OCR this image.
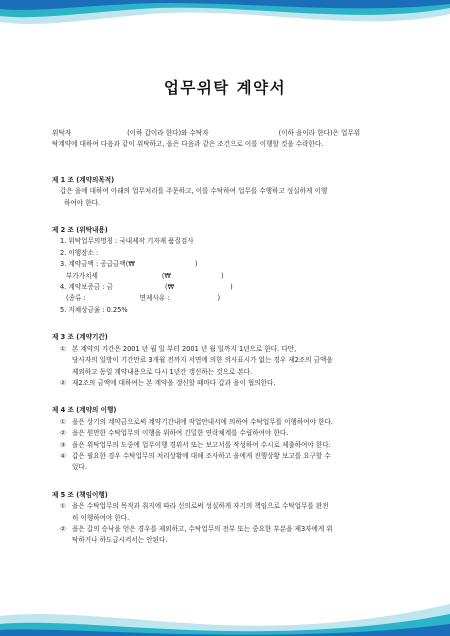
업무위탁 계약서
위탁자	(이하 갑이라 한다)와 수탁자	(이하 을이라 한다)은 업무위
탁계약에 대하여 다음과 같이 위탁하고, 을은 다음과 같은 조건으로 이를 이행할 것을 수락한다.
제 1 조 (계약의목적)
갑은 을에 대하여 아래의 업무처리를 주문하고, 이를 수탁하여 업무를 수행하고 성실하게 이행
하여야 한다.
제 2 조 (위탁내용)
1. 위탁업무의명칭 : 국내제작 기자재 품질검사
2. 이행장소 :
3. 계약금액 : 공급금액(₩	)
부가가치세	(₩	)
4. 계약보증금 : 금	(₩	)
(종류 :	면제사유 :	)
5. 지체상금율 : 0.25%
제 3 조 (계약기간)
① 본 계약의 기간은 2001 년 월 일 부터 2001 년 월 일까지 1년으로 한다. 다만,
당사자의 일방이 기간만료 3개월 전까지 서면에 의한 의사표시가 없는 경우 제2조의 금액을
제외하고 동일 계약내용으로 다시 1년간 갱신하는 것으로 본다.
② 제2조의 금액에 대하여는 본 계약을 갱신할 때마다 갑과 을이 협의한다.
제 4 조 (계약의 이행)
① 을은 상기의 계약금으로써 계약기간내에 작업안내서에 의하여 수탁업무를 이행하여야 한다.
② 을은 원만한 수탁업무의 이행을 위하여 긴밀한 연락체계를 수립하여야 한다.
③ 을은 위탁업무의 도중에 업무이행 경위서 또는 보고서를 작성하여 수시로 제출하여야 한다.
④ 갑은 필요한 경우 수탁업무의 처리상황에 대해 조사하고 을에게 진행상황 보고를 요구할 수
있다.
제 5 조 (책임이행)
① 을은 수탁업무의 목적과 취지에 따라 신의로써 성실하게 자기의 책임으로 수탁업무를 완전
히 이행하여야 한다.
② 을은 갑의 승낙을 얻은 경우를 제외하고, 수탁업무의 전부 또는 중요한 부분을 제3자에게 위
탁하거나 하도급시켜서는 안된다.
